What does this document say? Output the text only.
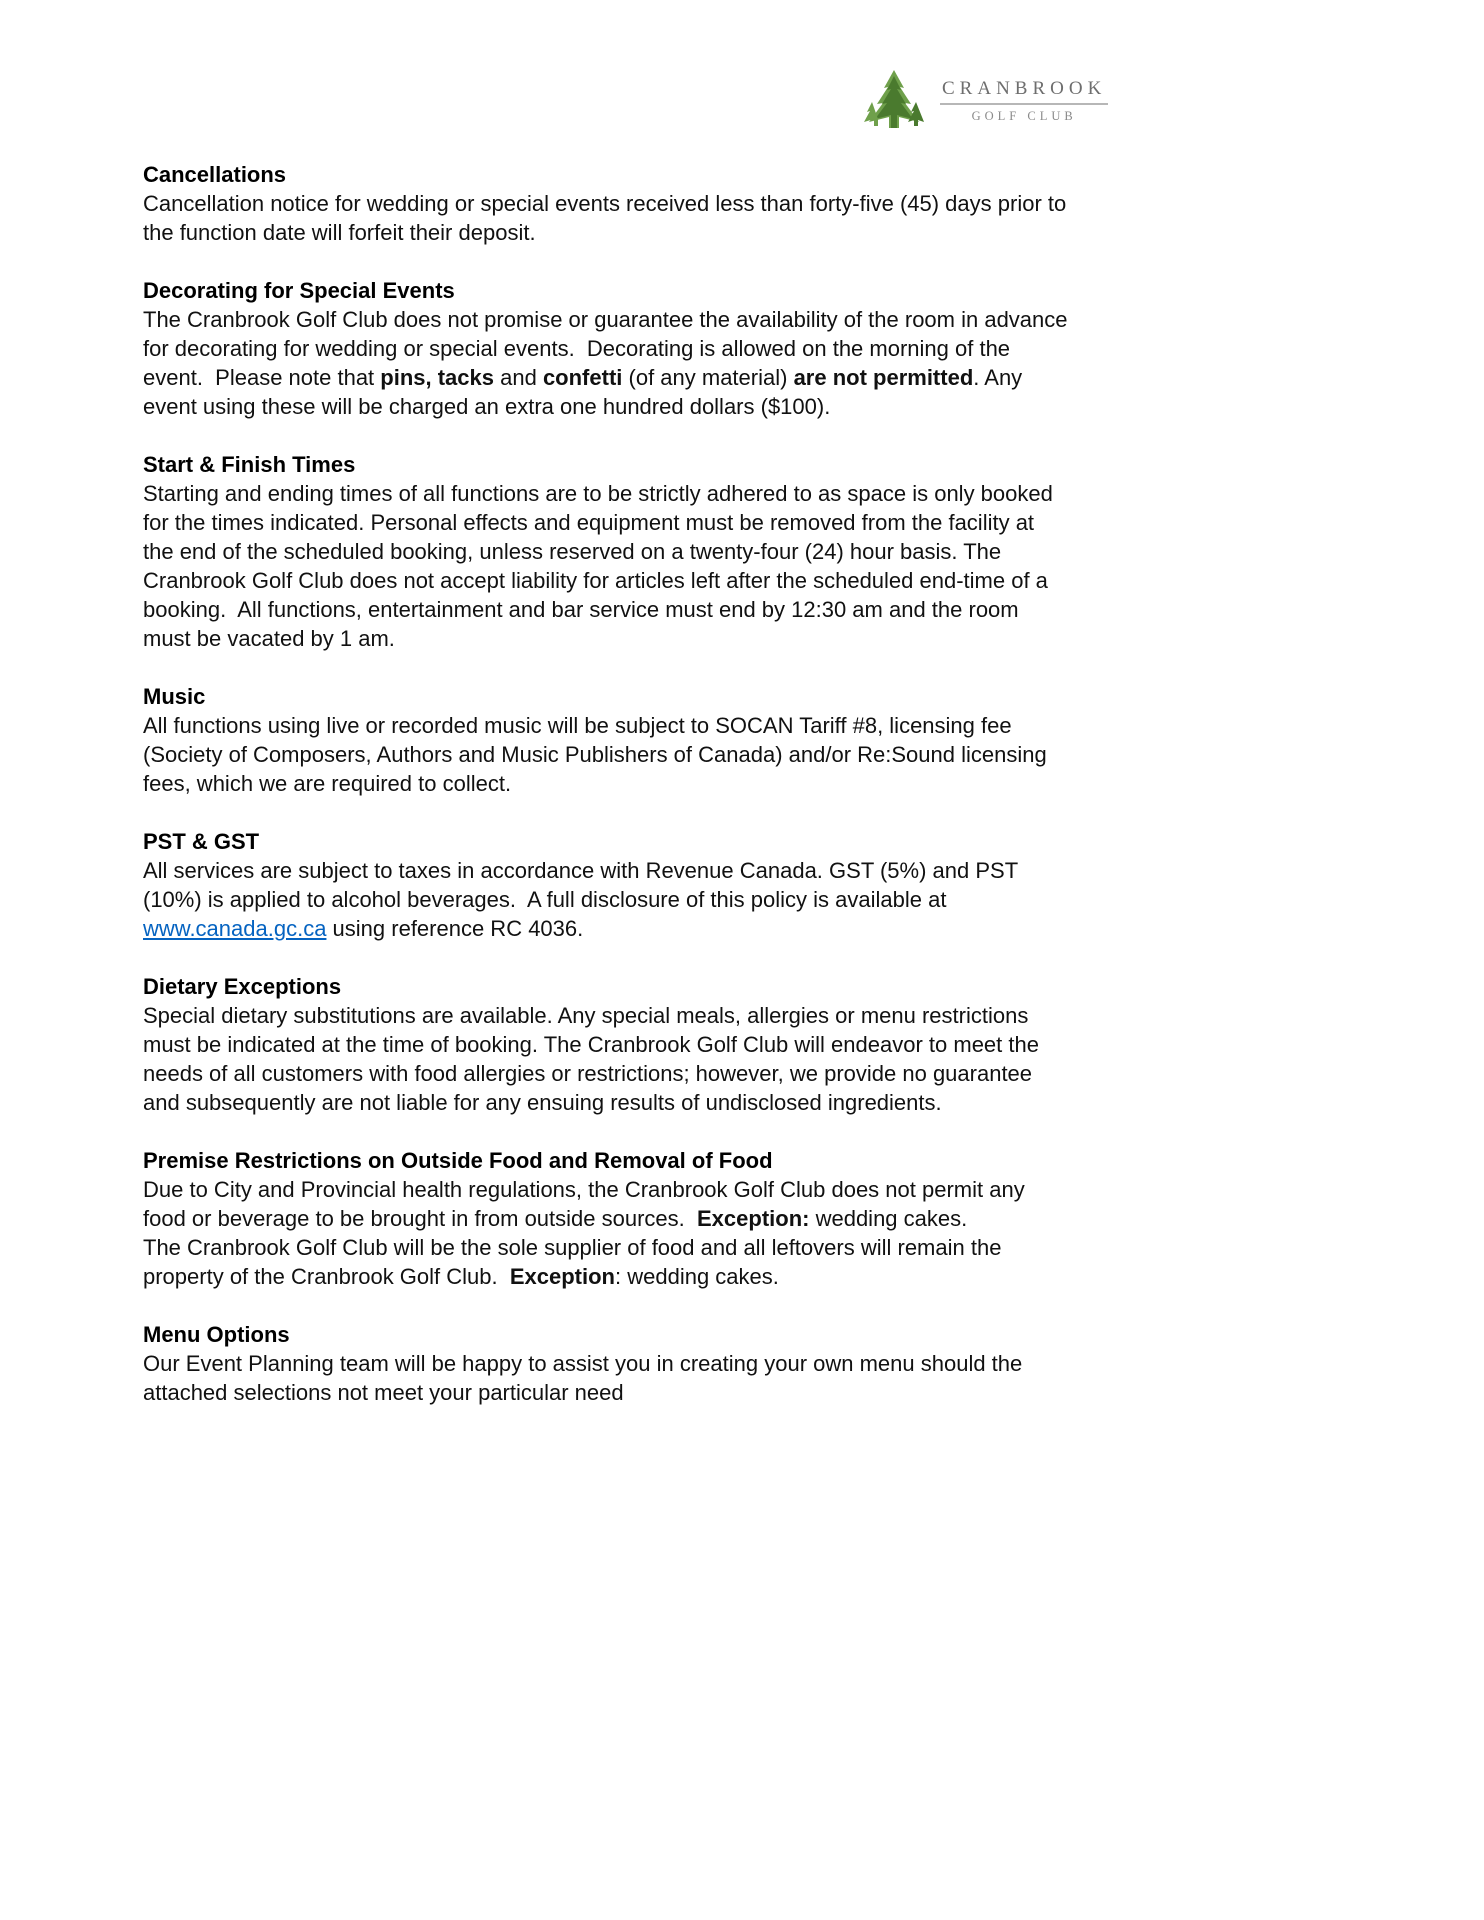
CRANBROOK
GOLF CLUB
Cancellations

Cancellation notice for wedding or special events received less than forty-five (45) days prior to the function date will forfeit their deposit.

Decorating for Special Events

The Cranbrook Golf Club does not promise or guarantee the availability of the room in advance for decorating for wedding or special events.  Decorating is allowed on the morning of the event.  Please note that pins, tacks and confetti (of any material) are not permitted. Any event using these will be charged an extra one hundred dollars ($100).

Start & Finish Times

Starting and ending times of all functions are to be strictly adhered to as space is only booked for the times indicated. Personal effects and equipment must be removed from the facility at the end of the scheduled booking, unless reserved on a twenty-four (24) hour basis. The Cranbrook Golf Club does not accept liability for articles left after the scheduled end-time of a booking.  All functions, entertainment and bar service must end by 12:30 am and the room must be vacated by 1 am.

Music

All functions using live or recorded music will be subject to SOCAN Tariff #8, licensing fee (Society of Composers, Authors and Music Publishers of Canada) and/or Re:Sound licensing fees, which we are required to collect.

PST & GST

All services are subject to taxes in accordance with Revenue Canada. GST (5%) and PST (10%) is applied to alcohol beverages.  A full disclosure of this policy is available at www.canada.gc.ca using reference RC 4036.

Dietary Exceptions

Special dietary substitutions are available. Any special meals, allergies or menu restrictions must be indicated at the time of booking. The Cranbrook Golf Club will endeavor to meet the needs of all customers with food allergies or restrictions; however, we provide no guarantee and subsequently are not liable for any ensuing results of undisclosed ingredients.

Premise Restrictions on Outside Food and Removal of Food

Due to City and Provincial health regulations, the Cranbrook Golf Club does not permit any food or beverage to be brought in from outside sources.  Exception: wedding cakes.

The Cranbrook Golf Club will be the sole supplier of food and all leftovers will remain the property of the Cranbrook Golf Club.  Exception: wedding cakes.

Menu Options

Our Event Planning team will be happy to assist you in creating your own menu should the attached selections not meet your particular need
